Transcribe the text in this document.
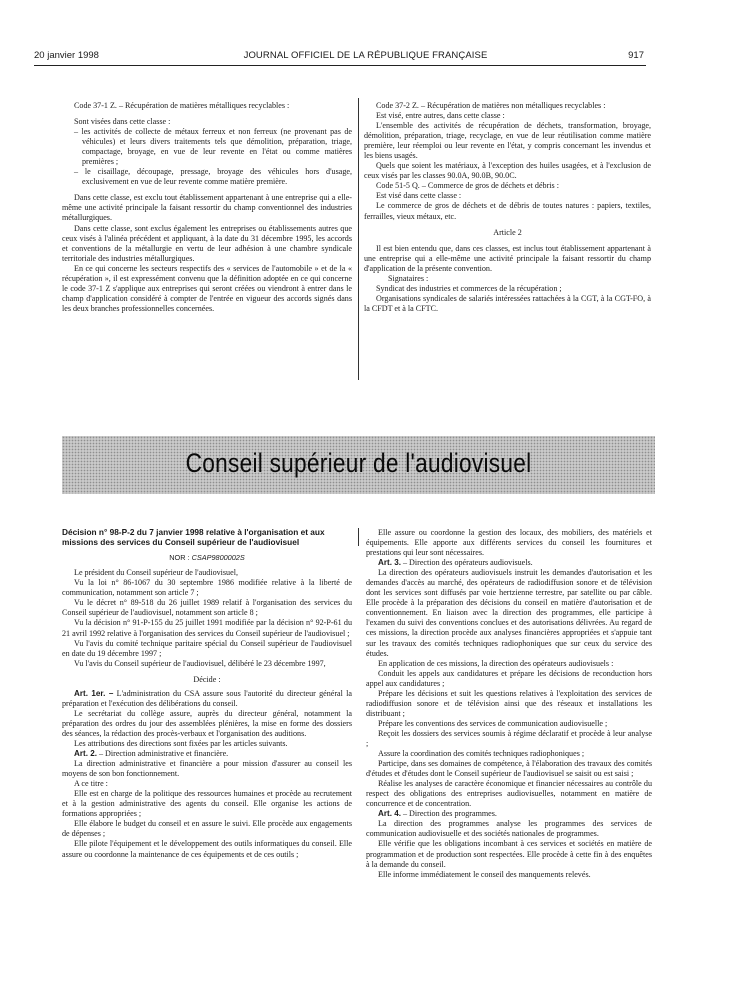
20 janvier 1998	JOURNAL OFFICIEL DE LA RÉPUBLIQUE FRANÇAISE	917

Code 37-1 Z. – Récupération de matières métalliques recyclables :

Sont visées dans cette classe :

– les activités de collecte de métaux ferreux et non ferreux (ne provenant pas de véhicules) et leurs divers traitements tels que démolition, préparation, triage, compactage, broyage, en vue de leur revente en l'état ou comme matières premières ;
– le cisaillage, découpage, pressage, broyage des véhicules hors d'usage, exclusivement en vue de leur revente comme matière première.

Dans cette classe, est exclu tout établissement appartenant à une entreprise qui a elle-même une activité principale la faisant ressortir du champ conventionnel des industries métallurgiques.

Dans cette classe, sont exclus également les entreprises ou établissements autres que ceux visés à l'alinéa précédent et appliquant, à la date du 31 décembre 1995, les accords et conventions de la métallurgie en vertu de leur adhésion à une chambre syndicale territoriale des industries métallurgiques.

En ce qui concerne les secteurs respectifs des « services de l'automobile » et de la « récupération », il est expressément convenu que la définition adoptée en ce qui concerne le code 37-1 Z s'applique aux entreprises qui seront créées ou viendront à entrer dans le champ d'application considéré à compter de l'entrée en vigueur des accords signés dans les deux branches professionnelles concernées.

Code 37-2 Z. – Récupération de matières non métalliques recyclables :

Est visé, entre autres, dans cette classe :

L'ensemble des activités de récupération de déchets, transformation, broyage, démolition, préparation, triage, recyclage, en vue de leur réutilisation comme matière première, leur réemploi ou leur revente en l'état, y compris concernant les invendus et les biens usagés.

Quels que soient les matériaux, à l'exception des huiles usagées, et à l'exclusion de ceux visés par les classes 90.0A, 90.0B, 90.0C.

Code 51-5 Q. – Commerce de gros de déchets et débris :

Est visé dans cette classe :

Le commerce de gros de déchets et de débris de toutes natures : papiers, textiles, ferrailles, vieux métaux, etc.

Article 2

Il est bien entendu que, dans ces classes, est inclus tout établissement appartenant à une entreprise qui a elle-même une activité principale la faisant ressortir du champ d'application de la présente convention.

Signataires :

Syndicat des industries et commerces de la récupération ;

Organisations syndicales de salariés intéressées rattachées à la CGT, à la CGT-FO, à la CFDT et à la CFTC.

Conseil supérieur de l'audiovisuel
Décision n° 98-P-2 du 7 janvier 1998 relative à l'organisation et aux missions des services du Conseil supérieur de l'audiovisuel
NOR : CSAP9800002S

Le président du Conseil supérieur de l'audiovisuel,

Vu la loi n° 86-1067 du 30 septembre 1986 modifiée relative à la liberté de communication, notamment son article 7 ;

Vu le décret n° 89-518 du 26 juillet 1989 relatif à l'organisation des services du Conseil supérieur de l'audiovisuel, notamment son article 8 ;

Vu la décision n° 91-P-155 du 25 juillet 1991 modifiée par la décision n° 92-P-61 du 21 avril 1992 relative à l'organisation des services du Conseil supérieur de l'audiovisuel ;

Vu l'avis du comité technique paritaire spécial du Conseil supérieur de l'audiovisuel en date du 19 décembre 1997 ;

Vu l'avis du Conseil supérieur de l'audiovisuel, délibéré le 23 décembre 1997,

Décide :

Art. 1er. – L'administration du CSA assure sous l'autorité du directeur général la préparation et l'exécution des délibérations du conseil.

Le secrétariat du collège assure, auprès du directeur général, notamment la préparation des ordres du jour des assemblées plénières, la mise en forme des dossiers des séances, la rédaction des procès-verbaux et l'organisation des auditions.

Les attributions des directions sont fixées par les articles suivants.

Art. 2. – Direction administrative et financière.

La direction administrative et financière a pour mission d'assurer au conseil les moyens de son bon fonctionnement.

A ce titre :

Elle est en charge de la politique des ressources humaines et procède au recrutement et à la gestion administrative des agents du conseil. Elle organise les actions de formations appropriées ;

Elle élabore le budget du conseil et en assure le suivi. Elle procède aux engagements de dépenses ;

Elle pilote l'équipement et le développement des outils informatiques du conseil. Elle assure ou coordonne la maintenance de ces équipements et de ces outils ;

Elle assure ou coordonne la gestion des locaux, des mobiliers, des matériels et équipements. Elle apporte aux différents services du conseil les fournitures et prestations qui leur sont nécessaires.

Art. 3. – Direction des opérateurs audiovisuels.

La direction des opérateurs audiovisuels instruit les demandes d'autorisation et les demandes d'accès au marché, des opérateurs de radiodiffusion sonore et de télévision dont les services sont diffusés par voie hertzienne terrestre, par satellite ou par câble. Elle procède à la préparation des décisions du conseil en matière d'autorisation et de conventionnement. En liaison avec la direction des programmes, elle participe à l'examen du suivi des conventions conclues et des autorisations délivrées. Au regard de ces missions, la direction procède aux analyses financières appropriées et s'appuie tant sur les travaux des comités techniques radiophoniques que sur ceux du service des études.

En application de ces missions, la direction des opérateurs audiovisuels :

Conduit les appels aux candidatures et prépare les décisions de reconduction hors appel aux candidatures ;

Prépare les décisions et suit les questions relatives à l'exploitation des services de radiodiffusion sonore et de télévision ainsi que des réseaux et installations les distribuant ;

Prépare les conventions des services de communication audiovisuelle ;

Reçoit les dossiers des services soumis à régime déclaratif et procède à leur analyse ;

Assure la coordination des comités techniques radiophoniques ;

Participe, dans ses domaines de compétence, à l'élaboration des travaux des comités d'études et d'études dont le Conseil supérieur de l'audiovisuel se saisit ou est saisi ;

Réalise les analyses de caractère économique et financier nécessaires au contrôle du respect des obligations des entreprises audiovisuelles, notamment en matière de concurrence et de concentration.

Art. 4. – Direction des programmes.

La direction des programmes analyse les programmes des services de communication audiovisuelle et des sociétés nationales de programmes.

Elle vérifie que les obligations incombant à ces services et sociétés en matière de programmation et de production sont respectées. Elle procède à cette fin à des enquêtes à la demande du conseil.

Elle informe immédiatement le conseil des manquements relevés.
